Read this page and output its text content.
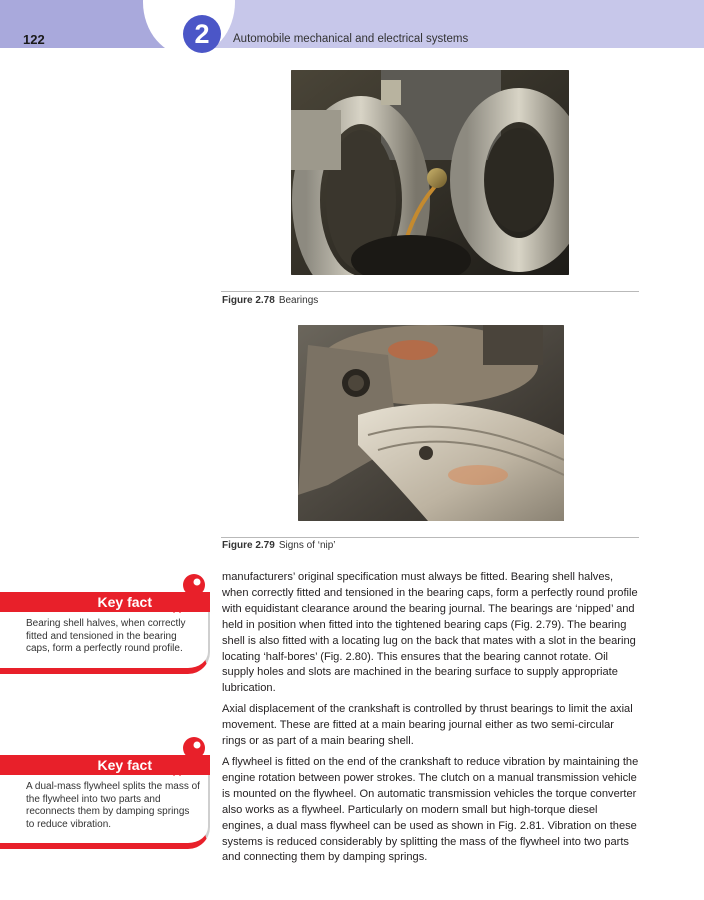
122	2	Automobile mechanical and electrical systems
Figure 2.78 Bearings
Figure 2.79 Signs of ‘nip’

manufacturers’ original specification must always be fitted. Bearing shell halves, when correctly fitted and tensioned in the bearing caps, form a perfectly round profile with equidistant clearance around the bearing journal. The bearings are ‘nipped’ and held in position when fitted into the tightened bearing caps (Fig. 2.79). The bearing shell is also fitted with a locating lug on the back that mates with a slot in the bearing locating ‘half-bores’ (Fig. 2.80). This ensures that the bearing cannot rotate. Oil supply holes and slots are machined in the bearing surface to supply appropriate lubrication.

Axial displacement of the crankshaft is controlled by thrust bearings to limit the axial movement. These are fitted at a main bearing journal either as two semi-circular rings or as part of a main bearing shell.

A flywheel is fitted on the end of the crankshaft to reduce vibration by maintaining the engine rotation between power strokes. The clutch on a manual transmission vehicle is mounted on the flywheel. On automatic transmission vehicles the torque converter also works as a flywheel. Particularly on modern small but high-torque diesel engines, a dual mass flywheel can be used as shown in Fig. 2.81. Vibration on these systems is reduced considerably by splitting the mass of the flywheel into two parts and connecting them by damping springs.

Key fact
Bearing shell halves, when correctly fitted and tensioned in the bearing caps, form a perfectly round profile.
Key fact
A dual-mass flywheel splits the mass of the flywheel into two parts and reconnects them by damping springs to reduce vibration.
